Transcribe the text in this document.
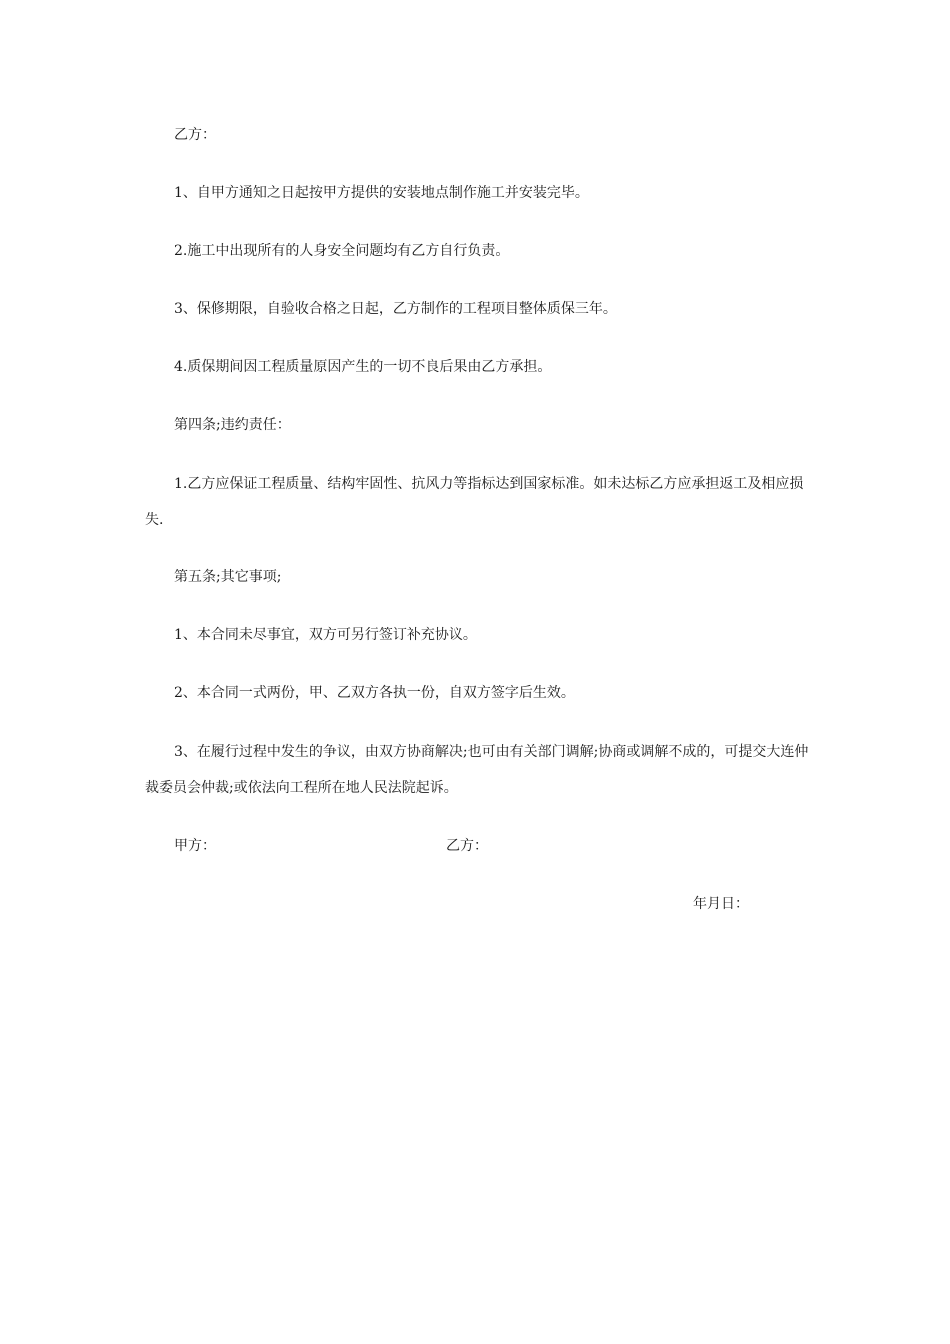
乙方：

1、自甲方通知之日起按甲方提供的安装地点制作施工并安装完毕。

2.施工中出现所有的人身安全问题均有乙方自行负责。

3、保修期限，自验收合格之日起，乙方制作的工程项目整体质保三年。

4.质保期间因工程质量原因产生的一切不良后果由乙方承担。

第四条;违约责任：

1.乙方应保证工程质量、结构牢固性、抗风力等指标达到国家标准。如未达标乙方应承担返工及相应损失.

第五条;其它事项;

1、本合同未尽事宜，双方可另行签订补充协议。

2、本合同一式两份，甲、乙双方各执一份，自双方签字后生效。

3、在履行过程中发生的争议，由双方协商解决;也可由有关部门调解;协商或调解不成的，可提交大连仲裁委员会仲裁;或依法向工程所在地人民法院起诉。

甲方：	乙方：

年月日：
